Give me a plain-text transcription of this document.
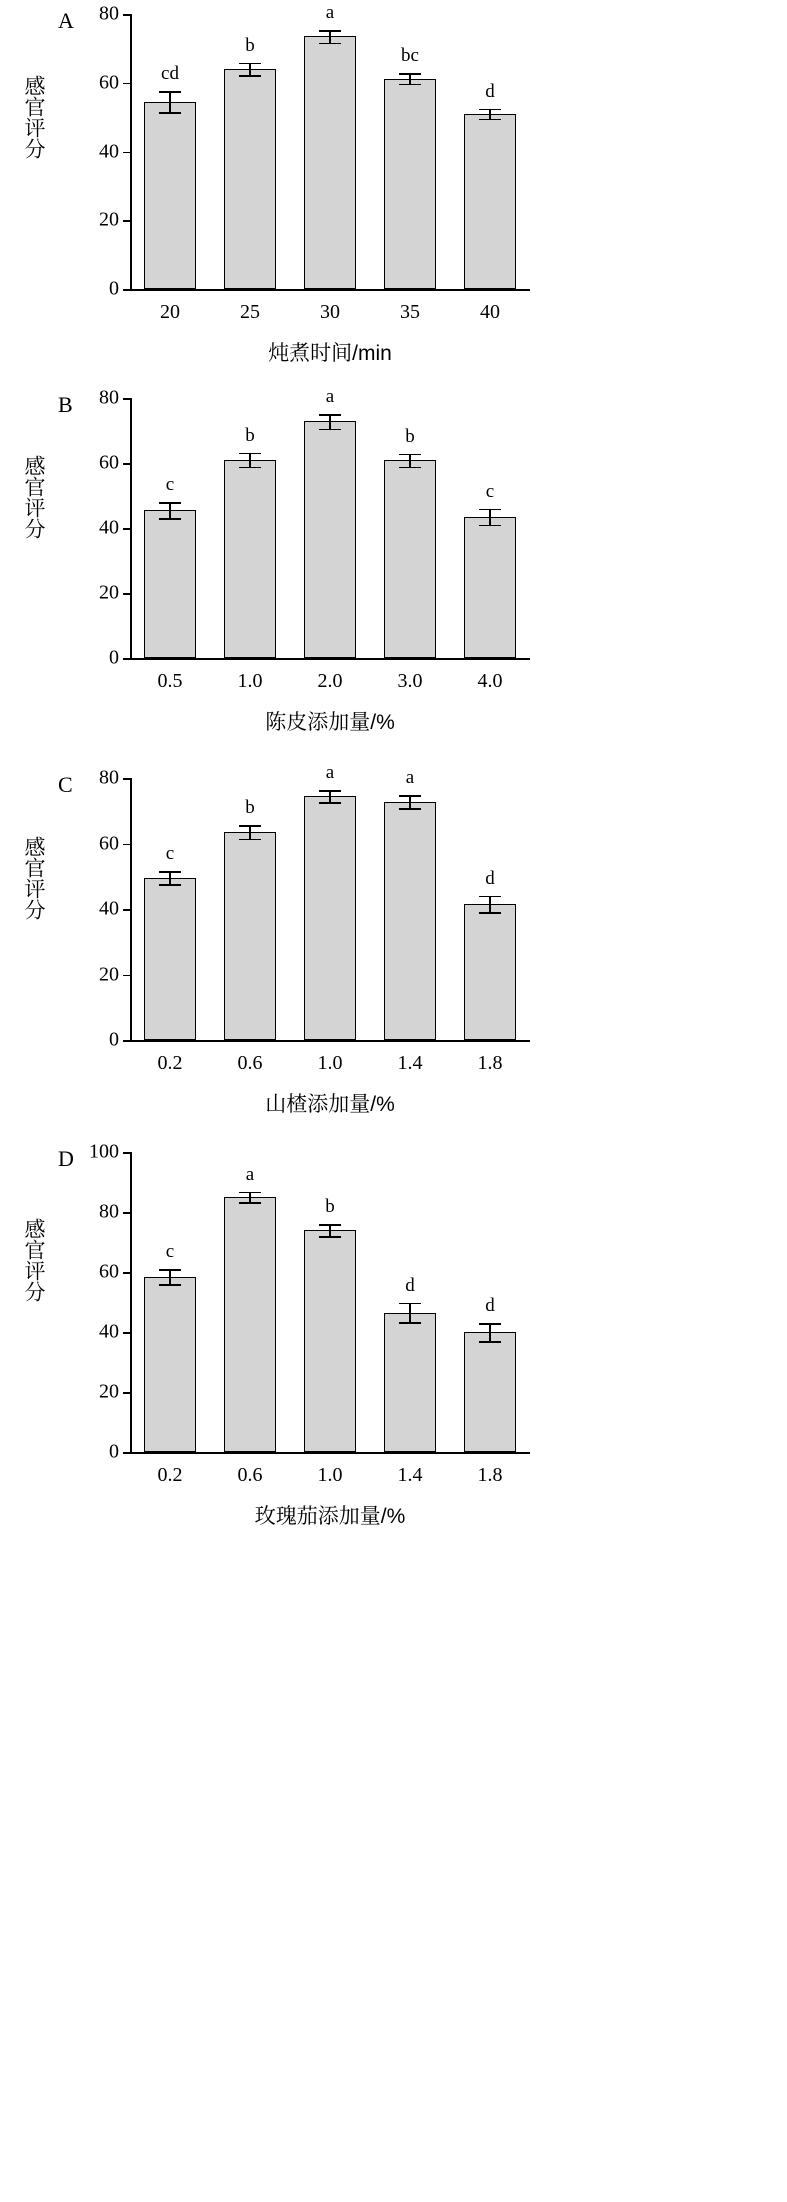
0
20
40
60
80
cd
20
b
25
a
30
bc
35
d
40
炖煮时间/min
感官评分
A
0
20
40
60
80
c
0.5
b
1.0
a
2.0
b
3.0
c
4.0
陈皮添加量/%
感官评分
B
0
20
40
60
80
c
0.2
b
0.6
a
1.0
a
1.4
d
1.8
山楂添加量/%
感官评分
C
0
20
40
60
80
100
c
0.2
a
0.6
b
1.0
d
1.4
d
1.8
玫瑰茄添加量/%
感官评分
D
